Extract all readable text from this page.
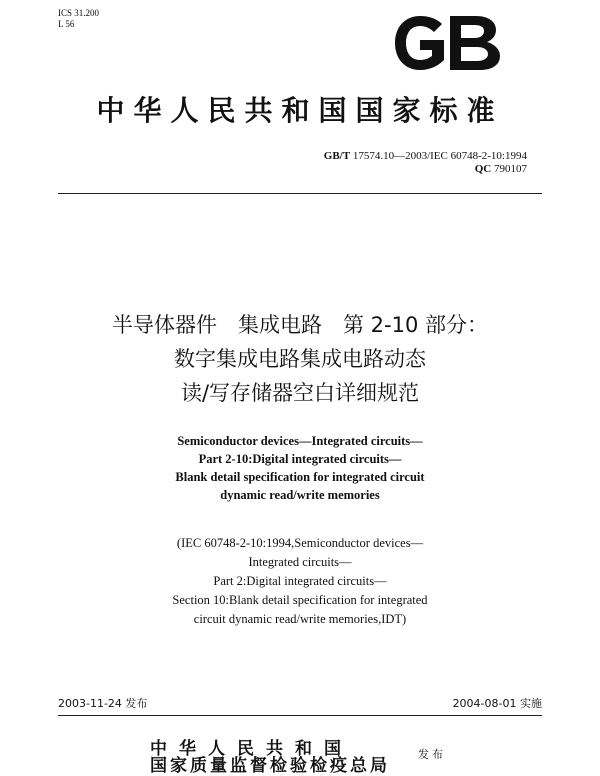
ICS 31.200
L 56
中华人民共和国国家标准
GB/T 17574.10—2003/IEC 60748-2-10:1994
QC 790107
半导体器件　集成电路　第 2-10 部分：
数字集成电路集成电路动态
读/写存储器空白详细规范
Semiconductor devices—Integrated circuits—
Part 2-10:Digital integrated circuits—
Blank detail specification for integrated circuit
dynamic read/write memories
(IEC 60748-2-10:1994,Semiconductor devices—
Integrated circuits—
Part 2:Digital integrated circuits—
Section 10:Blank detail specification for integrated
circuit dynamic read/write memories,IDT)
2003-11-24 发布	2004-08-01 实施
中华人民共和国
国家质量监督检验检疫总局
发布
